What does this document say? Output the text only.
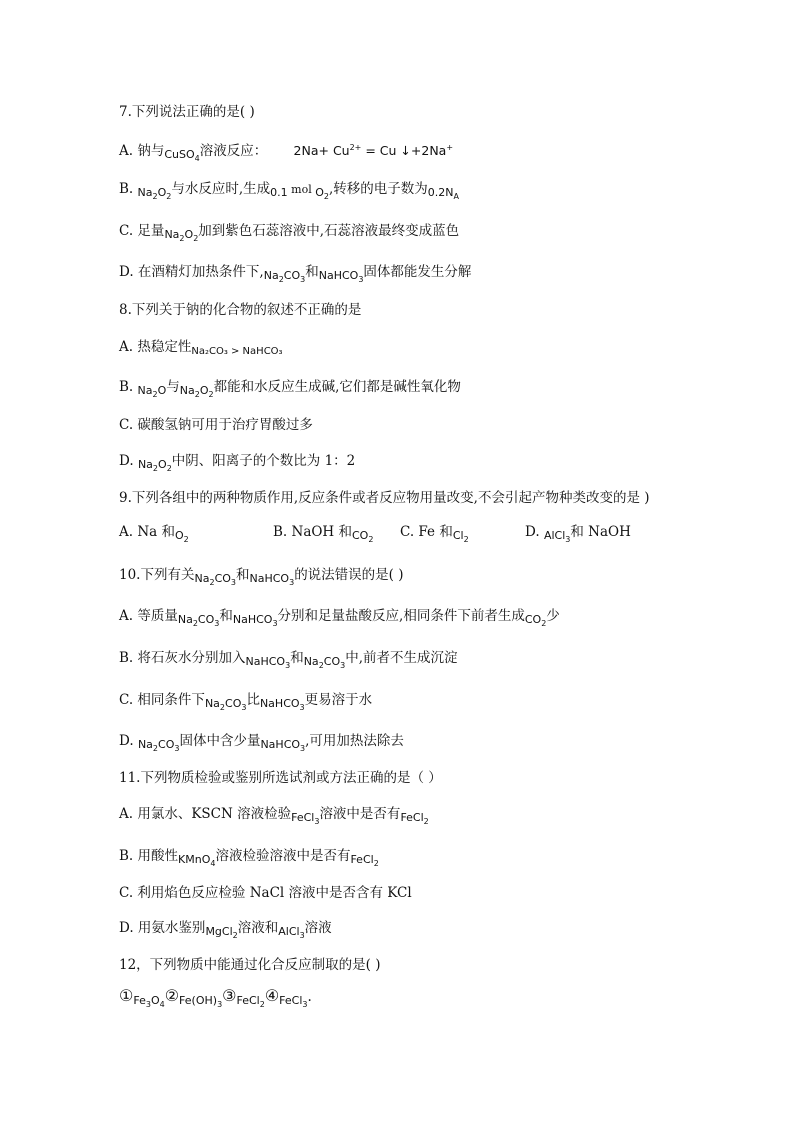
7.下列说法正确的是( )
A. 钠与$_{CuSO_4}$溶液反应： $2Na+ Cu^{2+} = Cu$ ↓+2Na+
B. $_{Na_2O_2}$与水反应时,生成$_{0.1}$ mol $_{O_2}$,转移的电子数为$_{0.2N_A}$
C. 足量$_{Na_2O_2}$加到紫色石蕊溶液中,石蕊溶液最终变成蓝色
D. 在酒精灯加热条件下$,_{Na_2CO_3}$和$_{NaHCO_3}$固体都能发生分解
8.下列关于钠的化合物的叙述不正确的是
A. 热稳定性$_{Na_2CO_3 > NaHCO_3}$
B. $_{Na_2O}$与$_{Na_2O_2}$都能和水反应生成碱,它们都是碱性氧化物
C. 碳酸氢钠可用于治疗胃酸过多
D. $_{Na_2O_2}$中阴、阳离子的个数比为 1：2
9.下列各组中的两种物质作用,反应条件或者反应物用量改变,不会引起产物种类改变的是 )
A. Na 和$_{O_2}$	B. NaOH 和$_{CO_2}$ C. Fe 和$_{Cl_2}$	D. $_{AlCl_3}$和 NaOH
10.下列有关$_{Na_2CO_3}$和$_{NaHCO_3}$的说法错误的是( )
A. 等质量$_{Na_2CO_3}$和$_{NaHCO_3}$分别和足量盐酸反应,相同条件下前者生成$_{CO_2}$少
B. 将石灰水分别加入$_{NaHCO_3}$和$_{Na_2CO_3}$中,前者不生成沉淀
C. 相同条件下$_{Na_2CO_3}$比$_{NaHCO_3}$更易溶于水
D. $_{Na_2CO_3}$固体中含少量$_{NaHCO_3}$,可用加热法除去
11.下列物质检验或鉴别所选试剂或方法正确的是（ ）
A. 用氯水、KSCN 溶液检验$_{FeCl_3}$溶液中是否有$_{FeCl_2}$
B. 用酸性$_{KMnO_4}$溶液检验溶液中是否有$_{FeCl_2}$
C. 利用焰色反应检验 NaCl 溶液中是否含有 KCl
D. 用氨水鉴别$_{MgCl_2}$溶液和$_{AlCl_3}$溶液
12，下列物质中能通过化合反应制取的是( )
$①_{Fe_3O_4}②_{Fe(OH)_3}③_{FeCl_2}④_{FeCl_3}$.
